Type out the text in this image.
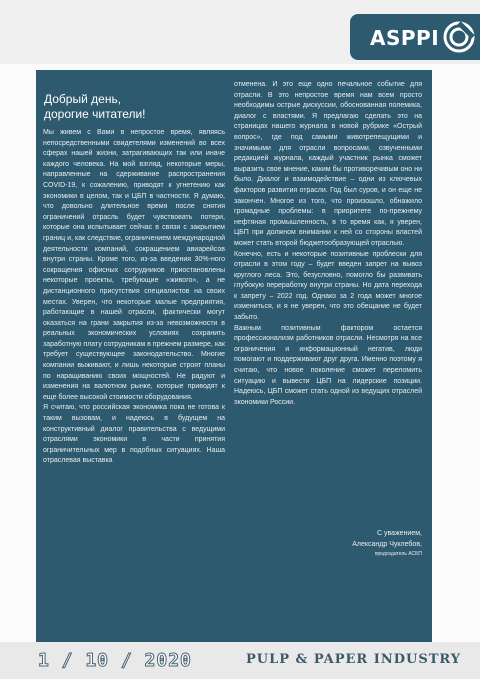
ASPPI
Добрый день,
дорогие читатели!

Мы живем с Вами в непростое время, являясь непосредственными свидетелями изменений во всех сферах нашей жизни, затрагивающих так или иначе каждого человека. На мой взгляд, некоторые меры, направленные на сдерживание распространения COVID-19, к сожалению, приводят к угнетению как экономики в целом, так и ЦБП в частности. Я думаю, что довольно длительное время после снятия ограничений отрасль будет чувствовать потери, которые она испытывает сейчас в связи с закрытием границ и, как следствие, ограничением международной деятельности компаний, сокращением авиарейсов внутри страны. Кроме того, из-за введения 30%-ного сокращения офисных сотрудников приостановлены некоторые проекты, требующие «живого», а не дистанционного присутствия специалистов на своих местах. Уверен, что некоторые малые предприятия, работающие в нашей отрасли, фактически могут оказаться на грани закрытия из-за невозможности в реальных экономических условиях сохранить заработную плату сотрудникам в прежнем размере, как требует существующее законодательство. Многие компании выживают, и лишь некоторые строят планы по наращиванию своих мощностей. Не радуют и изменения на валютном рынке, которые приводят к еще более высокой стоимости оборудования.

Я считаю, что российская экономика пока не готова к таким вызовам, и надеюсь в будущем на конструктивный диалог правительства с ведущими отраслями экономики в части принятия ограничительных мер в подобных ситуациях. Наша отраслевая выставка

отменена. И это еще одно печальное событие для отрасли. В это непростое время нам всем просто необходимы острые дискуссии, обоснованная полемика, диалог с властями. Я предлагаю сделать это на страницах нашего журнала в новой рубрике «Острый вопрос», где под самыми животрепещущими и значимыми для отрасли вопросами, озвученными редакцией журнала, каждый участник рынка сможет выразить свое мнение, каким бы противоречивым оно ни было. Диалог и взаимодействие – одни из ключевых факторов развития отрасли. Год был суров, и он еще не закончен. Многое из того, что произошло, обнажило громадные проблемы: в приоритете по-прежнему нефтяная промышленность, в то время как, я уверен, ЦБП при должном внимании к ней со стороны властей может стать второй бюджетообразующей отраслью.

Конечно, есть и некоторые позитивные проблески для отрасли в этом году – будет введен запрет на вывоз круглого леса. Это, безусловно, помогло бы развивать глубокую переработку внутри страны. Но дата перехода к запрету – 2022 год. Однако за 2 года может многое измениться, и я не уверен, что это обещание не будет забыто.

Важным позитивным фактором остается профессионализм работников отрасли. Несмотря на все ограничения и информационный негатив, люди помогают и поддерживают друг друга. Именно поэтому я считаю, что новое поколение сможет переломить ситуацию и вывести ЦБП на лидерские позиции. Надеюсь, ЦБП сможет стать одной из ведущих отраслей экономики России.

С уважением,
Александр Чуклебов,
председатель АСБП
1 / 10 / 2020	PULP & PAPER INDUSTRY
